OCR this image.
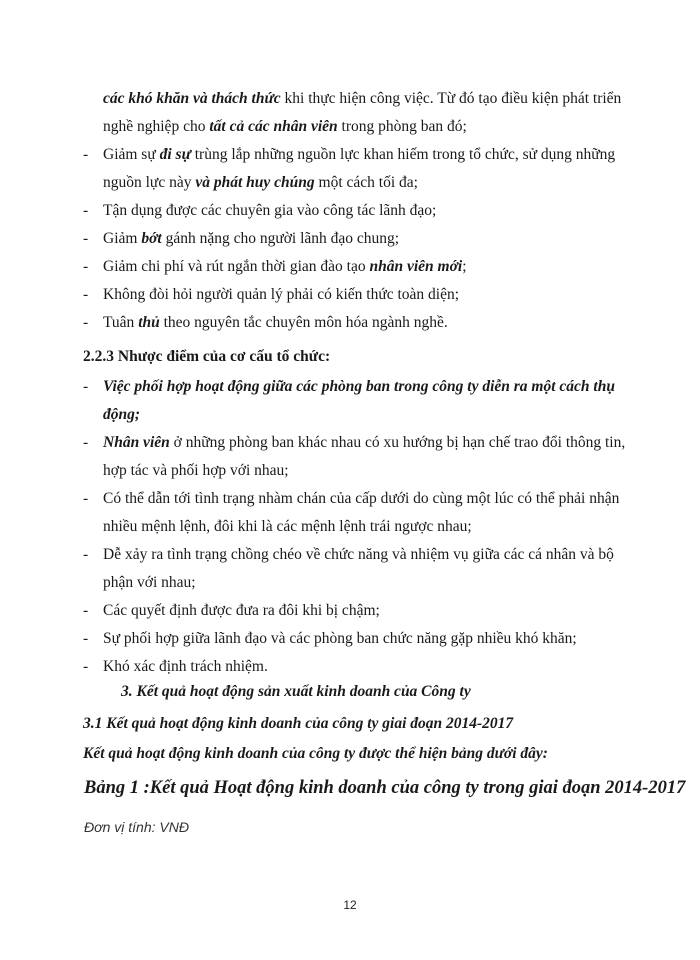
các khó khăn và thách thức khi thực hiện công việc. Từ đó tạo điều kiện phát triển
nghề nghiệp cho tất cả các nhân viên trong phòng ban đó;
- Giảm sự đi sự trùng lắp những nguồn lực khan hiếm trong tổ chức, sử dụng những
nguồn lực này và phát huy chúng một cách tối đa;
- Tận dụng được các chuyên gia vào công tác lãnh đạo;
- Giảm bớt gánh nặng cho người lãnh đạo chung;
- Giảm chi phí và rút ngắn thời gian đào tạo nhân viên mới;
- Không đòi hỏi người quản lý phải có kiến thức toàn diện;
- Tuân thủ theo nguyên tắc chuyên môn hóa ngành nghề.
2.2.3 Nhược điểm của cơ cấu tổ chức:
- Việc phối hợp hoạt động giữa các phòng ban trong công ty diễn ra một cách thụ
động;
- Nhân viên ở những phòng ban khác nhau có xu hướng bị hạn chế trao đổi thông tin,
hợp tác và phối hợp với nhau;
- Có thể dẫn tới tình trạng nhàm chán của cấp dưới do cùng một lúc có thể phải nhận
nhiều mệnh lệnh, đôi khi là các mệnh lệnh trái ngược nhau;
- Dễ xảy ra tình trạng chồng chéo về chức năng và nhiệm vụ giữa các cá nhân và bộ
phận với nhau;
- Các quyết định được đưa ra đôi khi bị chậm;
- Sự phối hợp giữa lãnh đạo và các phòng ban chức năng gặp nhiều khó khăn;
- Khó xác định trách nhiệm.
3. Kết quả hoạt động sản xuất kinh doanh của Công ty
3.1 Kết quả hoạt động kinh doanh của công ty giai đoạn 2014-2017
Kết quả hoạt động kinh doanh của công ty được thể hiện bảng dưới đây:
Bảng 1 :Kết quả Hoạt động kinh doanh của công ty trong giai đoạn 2014-2017
Đơn vị tính: VNĐ
12
